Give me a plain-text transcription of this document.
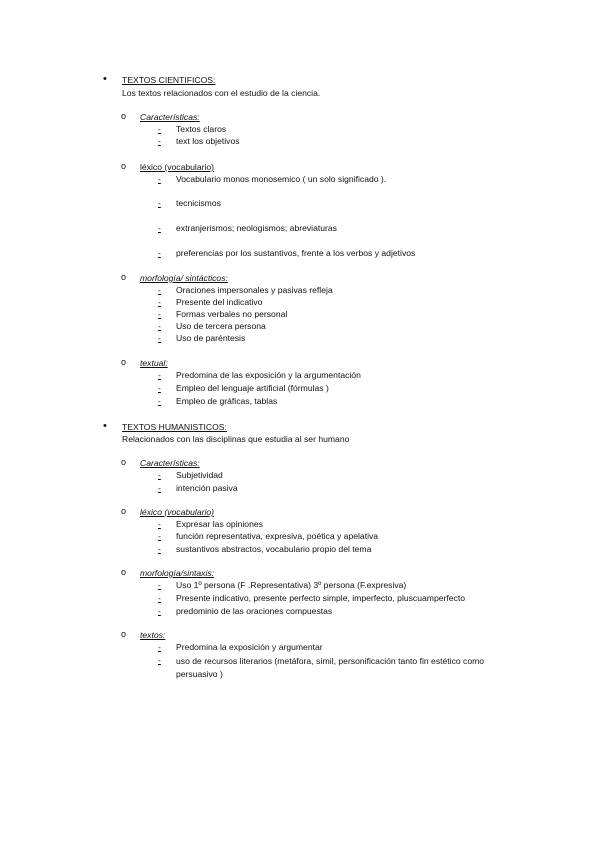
• TEXTOS CIENTIFICOS:
Los textos relacionados con el estudio de la ciencia.
o Características:
- Textos claros
- text los objetivos
o léxico (vocabulario)
- Vocabulario monos monosemico ( un solo significado ).
- tecnicismos
- extranjerismos; neologismos; abreviaturas
- preferencias por los sustantivos, frente a los verbos y adjetivos
o morfología/ sintácticos:
- Oraciones impersonales y pasivas refleja
- Presente del indicativo
- Formas verbales no personal
- Uso de tercera persona
- Uso de paréntesis
o textual:
- Predomina de las exposición y la argumentación
- Empleo del lenguaje artificial (fórmulas )
- Empleo de gráficas, tablas
• TEXTOS HUMANISTICOS:
Relacionados con las disciplinas que estudia al ser humano
o Características:
- Subjetividad
- intención pasiva
o léxico (vocabulario)
- Expresar las opiniones
- función representativa, expresiva, poética y apelativa
- sustantivos abstractos, vocabulario propio del tema
o morfología/sintaxis:
- Uso 1º persona (F .Representativa) 3º persona (F.expresiva)
- Presente indicativo, presente perfecto simple, imperfecto, pluscuamperfecto
- predominio de las oraciones compuestas
o textos:
- Predomina la exposición y argumentar
- uso de recursos literarios (metáfora, símil, personificación tanto fin estético como persuasivo )
